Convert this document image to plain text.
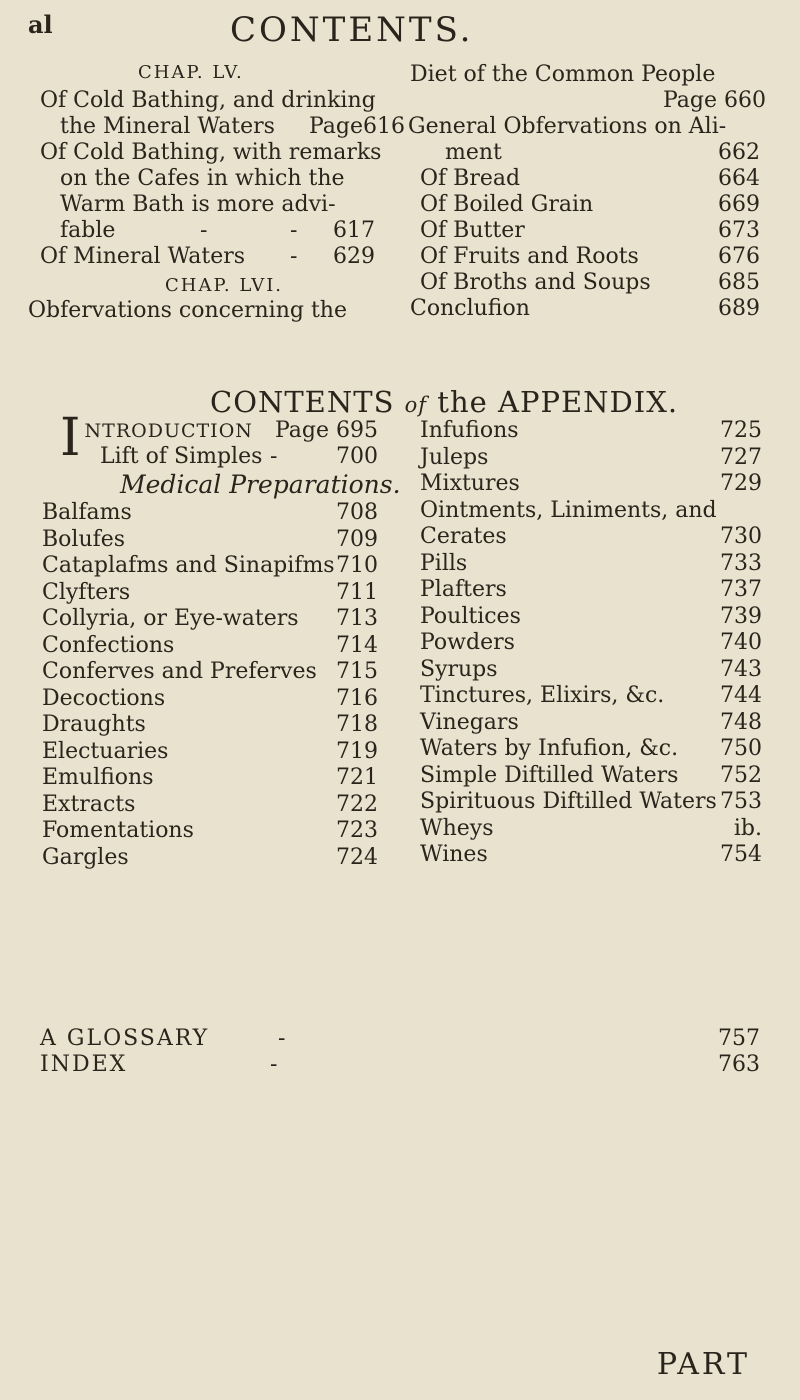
al	CONTENTS.
CHAP. LV.
Of Cold Bathing, and drinking
the Mineral Waters Page616
Of Cold Bathing, with remarks
on the Cafes in which the
Warm Bath is more advi-
fable	-	- 617
Of Mineral Waters - 629
CHAP. LVI.
Obfervations concerning the
Diet of the Common People
Page 660
General Obfervations on Ali-
ment	662
Of Bread	664
Of Boiled Grain	669
Of Butter	673
Of Fruits and Roots	676
Of Broths and Soups	685
Conclufion	689
CONTENTS of the APPENDIX.
INTRODUCTION Page 695
Lift of Simples -	700
Medical Preparations.
Balfams	708
Bolufes	709
Cataplafms and Sinapifms 710
Clyfters	711
Collyria, or Eye-waters 713
Confections	714
Conferves and Preferves 715
Decoctions	716
Draughts	718
Electuaries	719
Emulfions	721
Extracts	722
Fomentations	723
Gargles	724
Infufions	725
Juleps	727
Mixtures	729
Ointments, Liniments, and
Cerates	730
Pills	733
Plafters	737
Poultices	739
Powders	740
Syrups	743
Tinctures, Elixirs, &c.	744
Vinegars	748
Waters by Infufion, &c. 750
Simple Diftilled Waters 752
Spirituous Diftilled Waters 753
Wheys	ib.
Wines	754
A GLOSSARY	-	757
INDEX	-	763
PART
